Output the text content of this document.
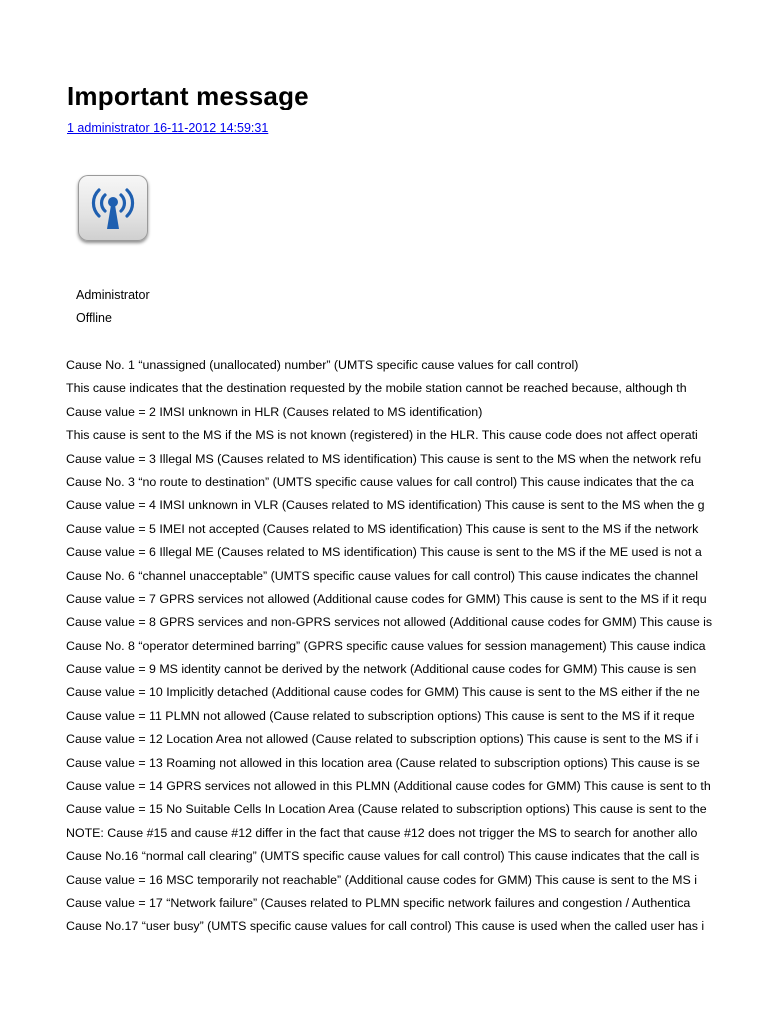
Important message
1 administrator 16-11-2012 14:59:31
Administrator
Offline
Cause No. 1 “unassigned (unallocated) number” (UMTS specific cause values for call control)
This cause indicates that the destination requested by the mobile station cannot be reached because, although th
Cause value = 2 IMSI unknown in HLR (Causes related to MS identification)
This cause is sent to the MS if the MS is not known (registered) in the HLR. This cause code does not affect operati
Cause value = 3 Illegal MS (Causes related to MS identification) This cause is sent to the MS when the network refu
Cause No. 3 “no route to destination” (UMTS specific cause values for call control) This cause indicates that the ca
Cause value = 4 IMSI unknown in VLR (Causes related to MS identification) This cause is sent to the MS when the g
Cause value = 5 IMEI not accepted (Causes related to MS identification) This cause is sent to the MS if the network
Cause value = 6 Illegal ME (Causes related to MS identification) This cause is sent to the MS if the ME used is not a
Cause No. 6 “channel unacceptable” (UMTS specific cause values for call control) This cause indicates the channel
Cause value = 7 GPRS services not allowed (Additional cause codes for GMM) This cause is sent to the MS if it requ
Cause value = 8 GPRS services and non-GPRS services not allowed (Additional cause codes for GMM) This cause is
Cause No. 8 “operator determined barring” (GPRS specific cause values for session management) This cause indica
Cause value = 9 MS identity cannot be derived by the network (Additional cause codes for GMM) This cause is sen
Cause value = 10 Implicitly detached (Additional cause codes for GMM) This cause is sent to the MS either if the ne
Cause value = 11 PLMN not allowed (Cause related to subscription options) This cause is sent to the MS if it reque
Cause value = 12 Location Area not allowed (Cause related to subscription options) This cause is sent to the MS if i
Cause value = 13 Roaming not allowed in this location area (Cause related to subscription options) This cause is se
Cause value = 14 GPRS services not allowed in this PLMN (Additional cause codes for GMM) This cause is sent to th
Cause value = 15 No Suitable Cells In Location Area (Cause related to subscription options) This cause is sent to the
NOTE: Cause #15 and cause #12 differ in the fact that cause #12 does not trigger the MS to search for another allo
Cause No.16 “normal call clearing” (UMTS specific cause values for call control) This cause indicates that the call is
Cause value = 16 MSC temporarily not reachable” (Additional cause codes for GMM) This cause is sent to the MS i
Cause value = 17 “Network failure” (Causes related to PLMN specific network failures and congestion / Authentica
Cause No.17 “user busy” (UMTS specific cause values for call control) This cause is used when the called user has i
